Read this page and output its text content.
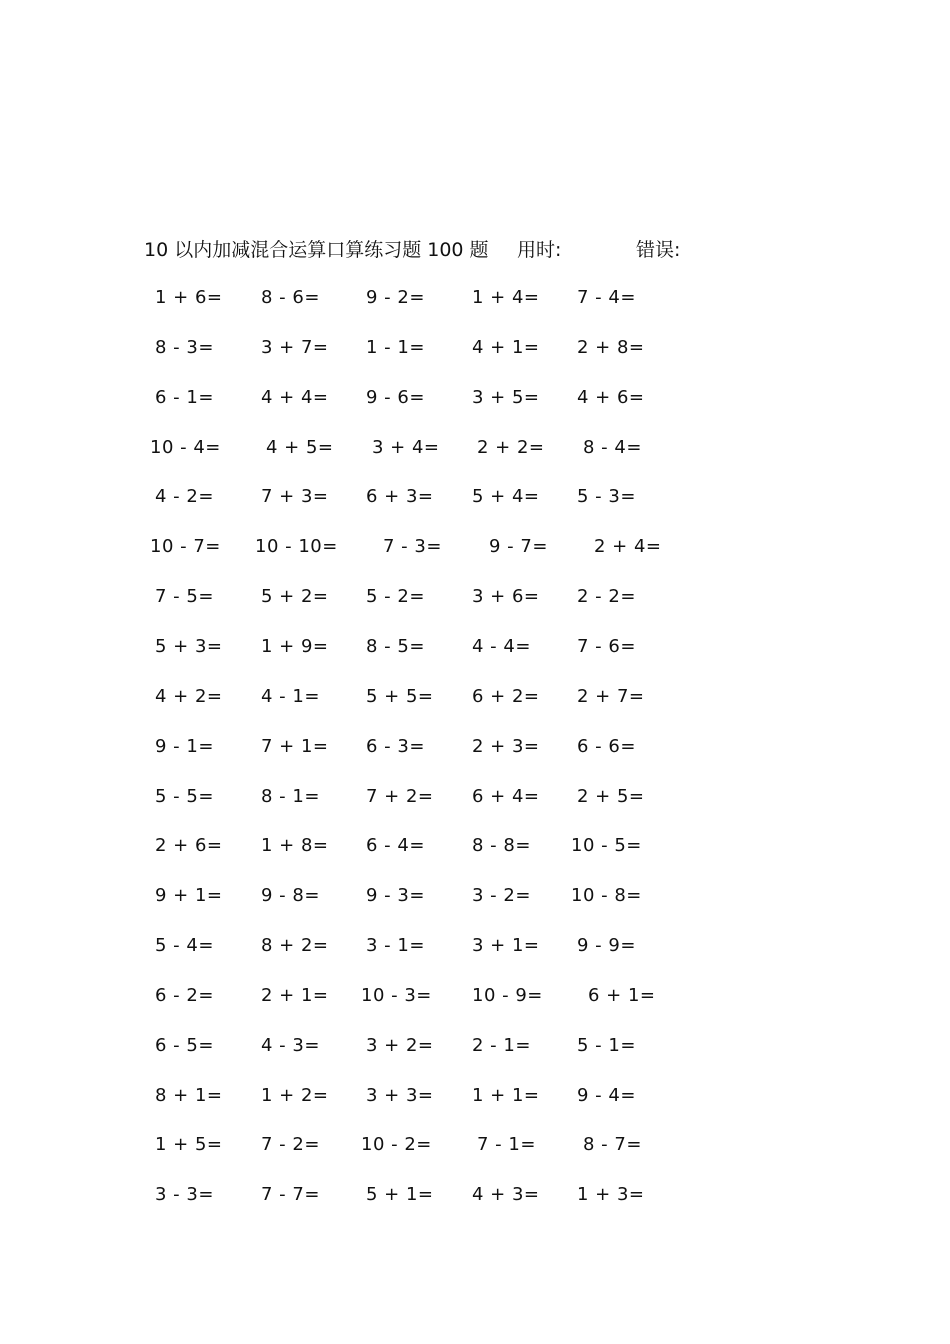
10 以内加减混合运算口算练习题 100 题 用时:	错误:
1 + 6= 8 - 6=	9 - 2=	1 + 4= 7 - 4=
8 - 3=	3 + 7= 1 - 1=	4 + 1= 2 + 8=
6 - 1=	4 + 4= 9 - 6=	3 + 5= 4 + 6=
10 - 4=	4 + 5= 3 + 4= 2 + 2= 8 - 4=
4 - 2=	7 + 3= 6 + 3= 5 + 4= 5 - 3=
10 - 7= 10 - 10=	7 - 3=	9 - 7=	2 + 4=
7 - 5=	5 + 2= 5 - 2=	3 + 6= 2 - 2=
5 + 3= 1 + 9= 8 - 5=	4 - 4=	7 - 6=
4 + 2= 4 - 1=	5 + 5= 6 + 2= 2 + 7=
9 - 1=	7 + 1= 6 - 3=	2 + 3= 6 - 6=
5 - 5=	8 - 1=	7 + 2= 6 + 4= 2 + 5=
2 + 6= 1 + 8= 6 - 4=	8 - 8= 10 - 5=
9 + 1= 9 - 8=	9 - 3=	3 - 2= 10 - 8=
5 - 4=	8 + 2= 3 - 1=	3 + 1= 9 - 9=
6 - 2=	2 + 1= 10 - 3= 10 - 9=	6 + 1=
6 - 5=	4 - 3=	3 + 2= 2 - 1=	5 - 1=
8 + 1= 1 + 2= 3 + 3= 1 + 1= 9 - 4=
1 + 5= 7 - 2= 10 - 2=	7 - 1=	8 - 7=
3 - 3=	7 - 7=	5 + 1= 4 + 3= 1 + 3=
